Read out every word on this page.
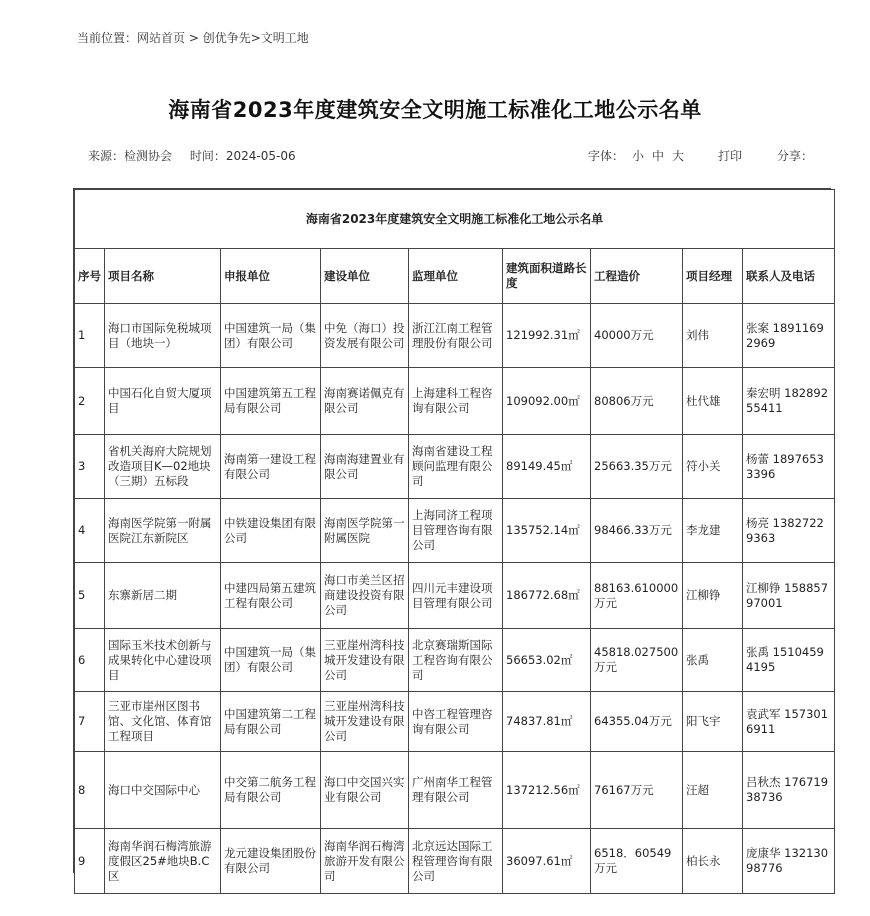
当前位置：网站首页 > 创优争先>文明工地
海南省2023年度建筑安全文明施工标准化工地公示名单
来源：检测协会 时间：2024-05-06	字体： 小 中 大	打印	分享：
海南省2023年度建筑安全文明施工标准化工地公示名单								
序号	项目名称	申报单位	建设单位	监理单位	建筑面积道路长度	工程造价	项目经理	联系人及电话
1	海口市国际免税城项目（地块一）	中国建筑一局（集团）有限公司	中免（海口）投资发展有限公司	浙江江南工程管理股份有限公司	121992.31㎡	40000万元	刘伟	张案 18911692969
2	中国石化自贸大厦项目	中国建筑第五工程局有限公司	海南赛诺佩克有限公司	上海建科工程咨询有限公司	109092.00㎡	80806万元	杜代雄	秦宏明 18289255411
3	省机关海府大院规划改造项目K—02地块（三期）五标段	海南第一建设工程有限公司	海南海建置业有限公司	海南省建设工程顾问监理有限公司	89149.45㎡	25663.35万元	符小关	杨蕾 18976533396
4	海南医学院第一附属医院江东新院区	中铁建设集团有限公司	海南医学院第一附属医院	上海同济工程项目管理咨询有限公司	135752.14㎡	98466.33万元	李龙建	杨亮 13827229363
5	东寨新居二期	中建四局第五建筑工程有限公司	海口市美兰区招商建设投资有限公司	四川元丰建设项目管理有限公司	186772.68㎡	88163.610000万元	江柳铮	江柳铮 15885797001
6	国际玉米技术创新与成果转化中心建设项目	中国建筑一局（集团）有限公司	三亚崖州湾科技城开发建设有限公司	北京赛瑞斯国际工程咨询有限公司	56653.02㎡	45818.027500万元	张禹	张禹 15104594195
7	三亚市崖州区图书馆、文化馆、体育馆工程项目	中国建筑第二工程局有限公司	三亚崖州湾科技城开发建设有限公司	中咨工程管理咨询有限公司	74837.81㎡	64355.04万元	阳飞宇	袁武军 1573016911
8	海口中交国际中心	中交第二航务工程局有限公司	海口中交国兴实业有限公司	广州南华工程管理有限公司	137212.56㎡	76167万元	汪超	吕秋杰 17671938736
9	海南华润石梅湾旅游度假区25#地块B.C区	龙元建设集团股份有限公司	海南华润石梅湾旅游开发有限公司	北京远达国际工程管理咨询有限公司	36097.61㎡	6518．60549万元	柏长永	庞康华 13213098776
